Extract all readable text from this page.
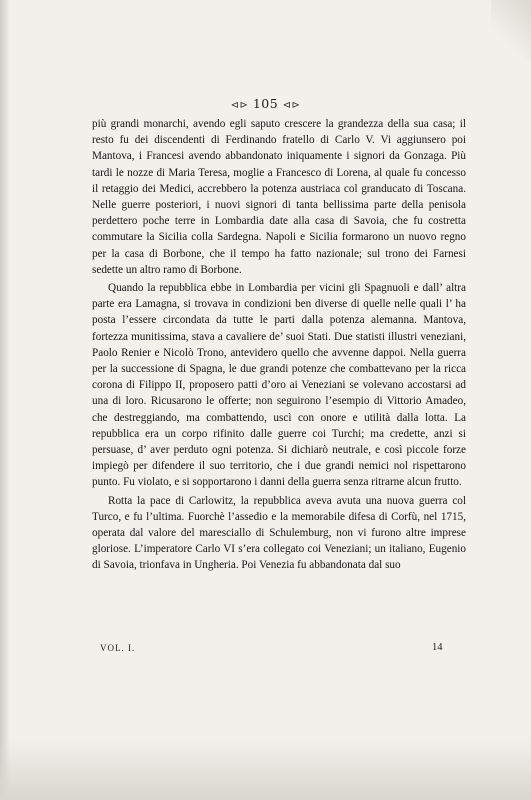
⊲⊳ 105 ⊲⊳

più grandi monarchi, avendo egli saputo crescere la grandezza della sua casa; il resto fu dei discendenti di Ferdinando fratello di Carlo V. Vi aggiunsero poi Mantova, i Francesi avendo abbandonato iniquamente i signori da Gonzaga. Più tardi le nozze di Maria Teresa, moglie a Francesco di Lorena, al quale fu concesso il retaggio dei Medici, accrebbero la potenza austriaca col granducato di Toscana. Nelle guerre posteriori, i nuovi signori di tanta bellissima parte della penisola perdettero poche terre in Lombardia date alla casa di Savoia, che fu costretta commutare la Sicilia colla Sardegna. Napoli e Sicilia formarono un nuovo regno per la casa di Borbone, che il tempo ha fatto nazionale; sul trono dei Farnesi sedette un altro ramo di Borbone.

Quando la repubblica ebbe in Lombardia per vicini gli Spagnuoli e dall’ altra parte era Lamagna, si trovava in condizioni ben diverse di quelle nelle quali l’ ha posta l’essere circondata da tutte le parti dalla potenza alemanna. Mantova, fortezza munitissima, stava a cavaliere de’ suoi Stati. Due statisti illustri veneziani, Paolo Renier e Nicolò Trono, antevidero quello che avvenne dappoi. Nella guerra per la successione di Spagna, le due grandi potenze che combattevano per la ricca corona di Filippo II, proposero patti d’oro ai Veneziani se volevano accostarsi ad una di loro. Ricusarono le offerte; non seguirono l’esempio di Vittorio Amadeo, che destreggiando, ma combattendo, uscì con onore e utilità dalla lotta. La repubblica era un corpo rifinito dalle guerre coi Turchi; ma credette, anzi si persuase, d’ aver perduto ogni potenza. Si dichiarò neutrale, e così piccole forze impiegò per difendere il suo territorio, che i due grandi nemici nol rispettarono punto. Fu violato, e si sopportarono i danni della guerra senza ritrarne alcun frutto.

Rotta la pace di Carlowitz, la repubblica aveva avuta una nuova guerra col Turco, e fu l’ultima. Fuorchè l’assedio e la memorabile difesa di Corfù, nel 1715, operata dal valore del maresciallo di Schulemburg, non vi furono altre imprese gloriose. L’imperatore Carlo VI s’era collegato coi Veneziani; un italiano, Eugenio di Savoia, trionfava in Ungheria. Poi Venezia fu abbandonata dal suo

VOL. I.	14
